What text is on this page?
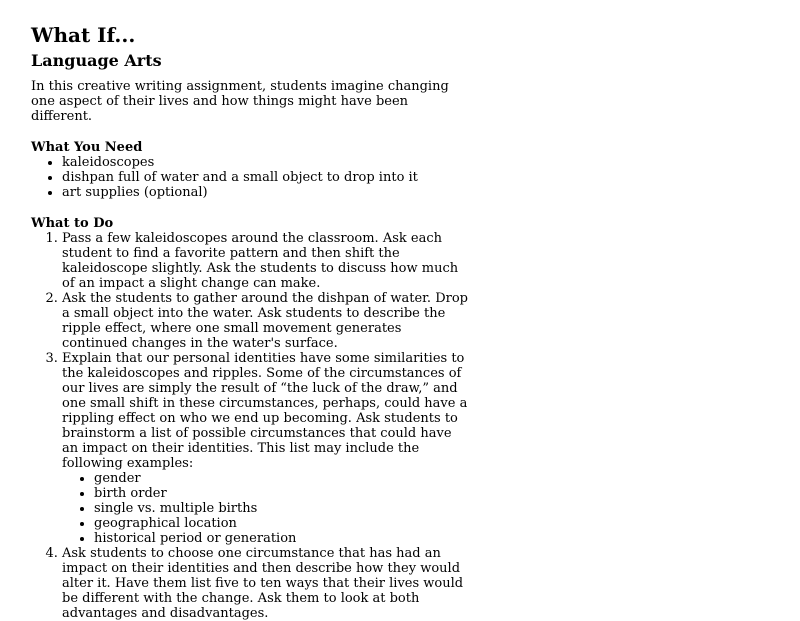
What If...
Language Arts

In this creative writing assignment, students imagine changing one aspect of their lives and how things might have been different.

What You Need
• kaleidoscopes
• dishpan full of water and a small object to drop into it
• art supplies (optional)
What to Do
1. Pass a few kaleidoscopes around the classroom. Ask each student to find a favorite pattern and then shift the kaleidoscope slightly. Ask the students to discuss how much of an impact a slight change can make.
2. Ask the students to gather around the dishpan of water. Drop a small object into the water. Ask students to describe the ripple effect, where one small movement generates continued changes in the water's surface.
3. Explain that our personal identities have some similarities to the kaleidoscopes and ripples. Some of the circumstances of our lives are simply the result of “the luck of the draw,” and one small shift in these circumstances, perhaps, could have a rippling effect on who we end up becoming. Ask students to brainstorm a list of possible circumstances that could have an impact on their identities. This list may include the following examples:
• gender
• birth order
• single vs. multiple births
• geographical location
• historical period or generation
4. Ask students to choose one circumstance that has had an impact on their identities and then describe how they would alter it. Have them list five to ten ways that their lives would be different with the change. Ask them to look at both advantages and disadvantages.
